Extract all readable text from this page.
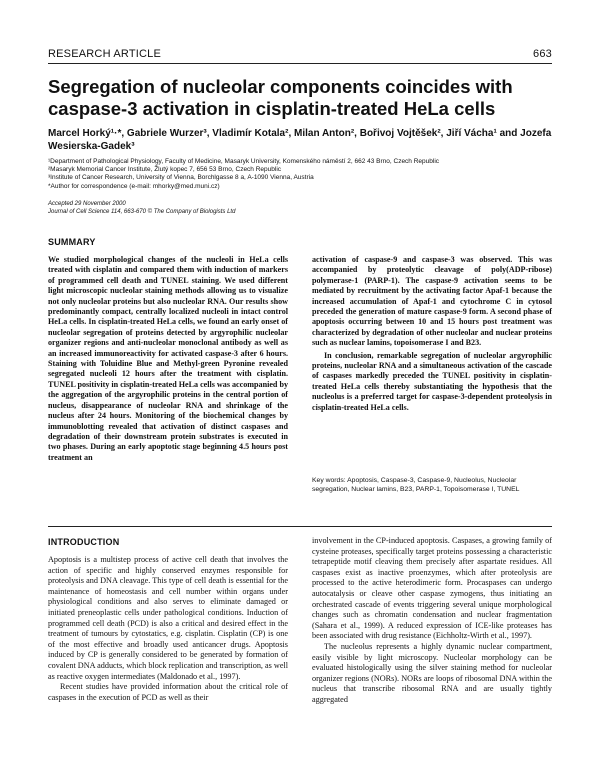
RESEARCH ARTICLE	663
Segregation of nucleolar components coincides with caspase-3 activation in cisplatin-treated HeLa cells
Marcel Horký¹·*, Gabriele Wurzer³, Vladimír Kotala², Milan Anton², Bořivoj Vojtěšek², Jiří Vácha¹ and Jozefa Wesierska-Gadek³
¹Department of Pathological Physiology, Faculty of Medicine, Masaryk University, Komenského náměstí 2, 662 43 Brno, Czech Republic
²Masaryk Memorial Cancer Institute, Žlutý kopec 7, 656 53 Brno, Czech Republic
³Institute of Cancer Research, University of Vienna, Borchlgasse 8 a, A-1090 Vienna, Austria
*Author for correspondence (e-mail: mhorky@med.muni.cz)
Accepted 29 November 2000
Journal of Cell Science 114, 663-670 © The Company of Biologists Ltd
SUMMARY

We studied morphological changes of the nucleoli in HeLa cells treated with cisplatin and compared them with induction of markers of programmed cell death and TUNEL staining. We used different light microscopic nucleolar staining methods allowing us to visualize not only nucleolar proteins but also nucleolar RNA. Our results show predominantly compact, centrally localized nucleoli in intact control HeLa cells. In cisplatin-treated HeLa cells, we found an early onset of nucleolar segregation of proteins detected by argyrophilic nucleolar organizer regions and anti-nucleolar monoclonal antibody as well as an increased immunoreactivity for activated caspase-3 after 6 hours. Staining with Toluidine Blue and Methyl-green Pyronine revealed segregated nucleoli 12 hours after the treatment with cisplatin. TUNEL positivity in cisplatin-treated HeLa cells was accompanied by the aggregation of the argyrophilic proteins in the central portion of nucleus, disappearance of nucleolar RNA and shrinkage of the nucleus after 24 hours. Monitoring of the biochemical changes by immunoblotting revealed that activation of distinct caspases and degradation of their downstream protein substrates is executed in two phases. During an early apoptotic stage beginning 4.5 hours post treatment an

activation of caspase-9 and caspase-3 was observed. This was accompanied by proteolytic cleavage of poly(ADP-ribose) polymerase-1 (PARP-1). The caspase-9 activation seems to be mediated by recruitment by the activating factor Apaf-1 because the increased accumulation of Apaf-1 and cytochrome C in cytosol preceded the generation of mature caspase-9 form. A second phase of apoptosis occurring between 10 and 15 hours post treatment was characterized by degradation of other nucleolar and nuclear proteins such as nuclear lamins, topoisomerase I and B23.

In conclusion, remarkable segregation of nucleolar argyrophilic proteins, nucleolar RNA and a simultaneous activation of the cascade of caspases markedly preceded the TUNEL positivity in cisplatin-treated HeLa cells thereby substantiating the hypothesis that the nucleolus is a preferred target for caspase-3-dependent proteolysis in cisplatin-treated HeLa cells.

Key words: Apoptosis, Caspase-3, Caspase-9, Nucleolus, Nucleolar segregation, Nuclear lamins, B23, PARP-1, Topoisomerase I, TUNEL
INTRODUCTION

Apoptosis is a multistep process of active cell death that involves the action of specific and highly conserved enzymes responsible for proteolysis and DNA cleavage. This type of cell death is essential for the maintenance of homeostasis and cell number within organs under physiological conditions and also serves to eliminate damaged or initiated preneoplastic cells under pathological conditions. Induction of programmed cell death (PCD) is also a critical and desired effect in the treatment of tumours by cytostatics, e.g. cisplatin. Cisplatin (CP) is one of the most effective and broadly used anticancer drugs. Apoptosis induced by CP is generally considered to be generated by formation of covalent DNA adducts, which block replication and transcription, as well as reactive oxygen intermediates (Maldonado et al., 1997).

Recent studies have provided information about the critical role of caspases in the execution of PCD as well as their

involvement in the CP-induced apoptosis. Caspases, a growing family of cysteine proteases, specifically target proteins possessing a characteristic tetrapeptide motif cleaving them precisely after aspartate residues. All caspases exist as inactive proenzymes, which after proteolysis are processed to the active heterodimeric form. Procaspases can undergo autocatalysis or cleave other caspase zymogens, thus initiating an orchestrated cascade of events triggering several unique morphological changes such as chromatin condensation and nuclear fragmentation (Sahara et al., 1999). A reduced expression of ICE-like proteases has been associated with drug resistance (Eichholtz-Wirth et al., 1997).

The nucleolus represents a highly dynamic nuclear compartment, easily visible by light microscopy. Nucleolar morphology can be evaluated histologically using the silver staining method for nucleolar organizer regions (NORs). NORs are loops of ribosomal DNA within the nucleus that transcribe ribosomal RNA and are usually tightly aggregated
